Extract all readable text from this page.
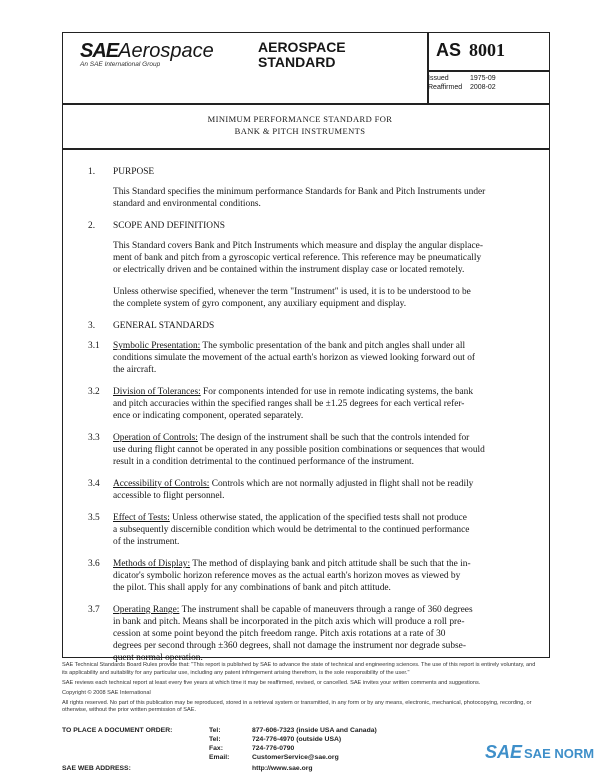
SAEAerospace
An SAE International Group
AEROSPACE
STANDARD
AS 8001
Issued	1975-09
Reaffirmed 2008-02
MINIMUM PERFORMANCE STANDARD FOR
BANK & PITCH INSTRUMENTS
1.	PURPOSE
This Standard specifies the minimum performance Standards for Bank and Pitch Instruments under
standard and environmental conditions.
2.	SCOPE AND DEFINITIONS
This Standard covers Bank and Pitch Instruments which measure and display the angular displace-
ment of bank and pitch from a gyroscopic vertical reference. This reference may be pneumatically
or electrically driven and be contained within the instrument display case or located remotely.
Unless otherwise specified, whenever the term "Instrument" is used, it is to be understood to be
the complete system of gyro component, any auxiliary equipment and display.
3.	GENERAL STANDARDS
3.1	Symbolic Presentation: The symbolic presentation of the bank and pitch angles shall under all
conditions simulate the movement of the actual earth's horizon as viewed looking forward out of
the aircraft.
3.2	Division of Tolerances: For components intended for use in remote indicating systems, the bank
and pitch accuracies within the specified ranges shall be ±1.25 degrees for each vertical refer-
ence or indicating component, operated separately.
3.3	Operation of Controls: The design of the instrument shall be such that the controls intended for
use during flight cannot be operated in any possible position combinations or sequences that would
result in a condition detrimental to the continued performance of the instrument.
3.4	Accessibility of Controls: Controls which are not normally adjusted in flight shall not be readily
accessible to flight personnel.
3.5	Effect of Tests: Unless otherwise stated, the application of the specified tests shall not produce
a subsequently discernible condition which would be detrimental to the continued performance
of the instrument.
3.6	Methods of Display: The method of displaying bank and pitch attitude shall be such that the in-
dicator's symbolic horizon reference moves as the actual earth's horizon moves as viewed by
the pilot. This shall apply for any combinations of bank and pitch attitude.
3.7	Operating Range: The instrument shall be capable of maneuvers through a range of 360 degrees
in bank and pitch. Means shall be incorporated in the pitch axis which will produce a roll pre-
cession at some point beyond the pitch freedom range. Pitch axis rotations at a rate of 30
degrees per second through ±360 degrees, shall not damage the instrument nor degrade subse-
quent normal operation.

SAE Technical Standards Board Rules provide that: "This report is published by SAE to advance the state of technical and engineering sciences. The use of this report is entirely voluntary, and its applicability and suitability for any particular use, including any patent infringement arising therefrom, is the sole responsibility of the user."

SAE reviews each technical report at least every five years at which time it may be reaffirmed, revised, or cancelled. SAE invites your written comments and suggestions.

Copyright © 2008 SAE International

All rights reserved. No part of this publication may be reproduced, stored in a retrieval system or transmitted, in any form or by any means, electronic, mechanical, photocopying, recording, or otherwise, without the prior written permission of SAE.

TO PLACE A DOCUMENT ORDER:	Tel:	877-606-7323 (inside USA and Canada)
Tel:	724-776-4970 (outside USA)
Fax:	724-776-0790
Email:	CustomerService@sae.org
SAE WEB ADDRESS:	http://www.sae.org
SAE SAE NORM
